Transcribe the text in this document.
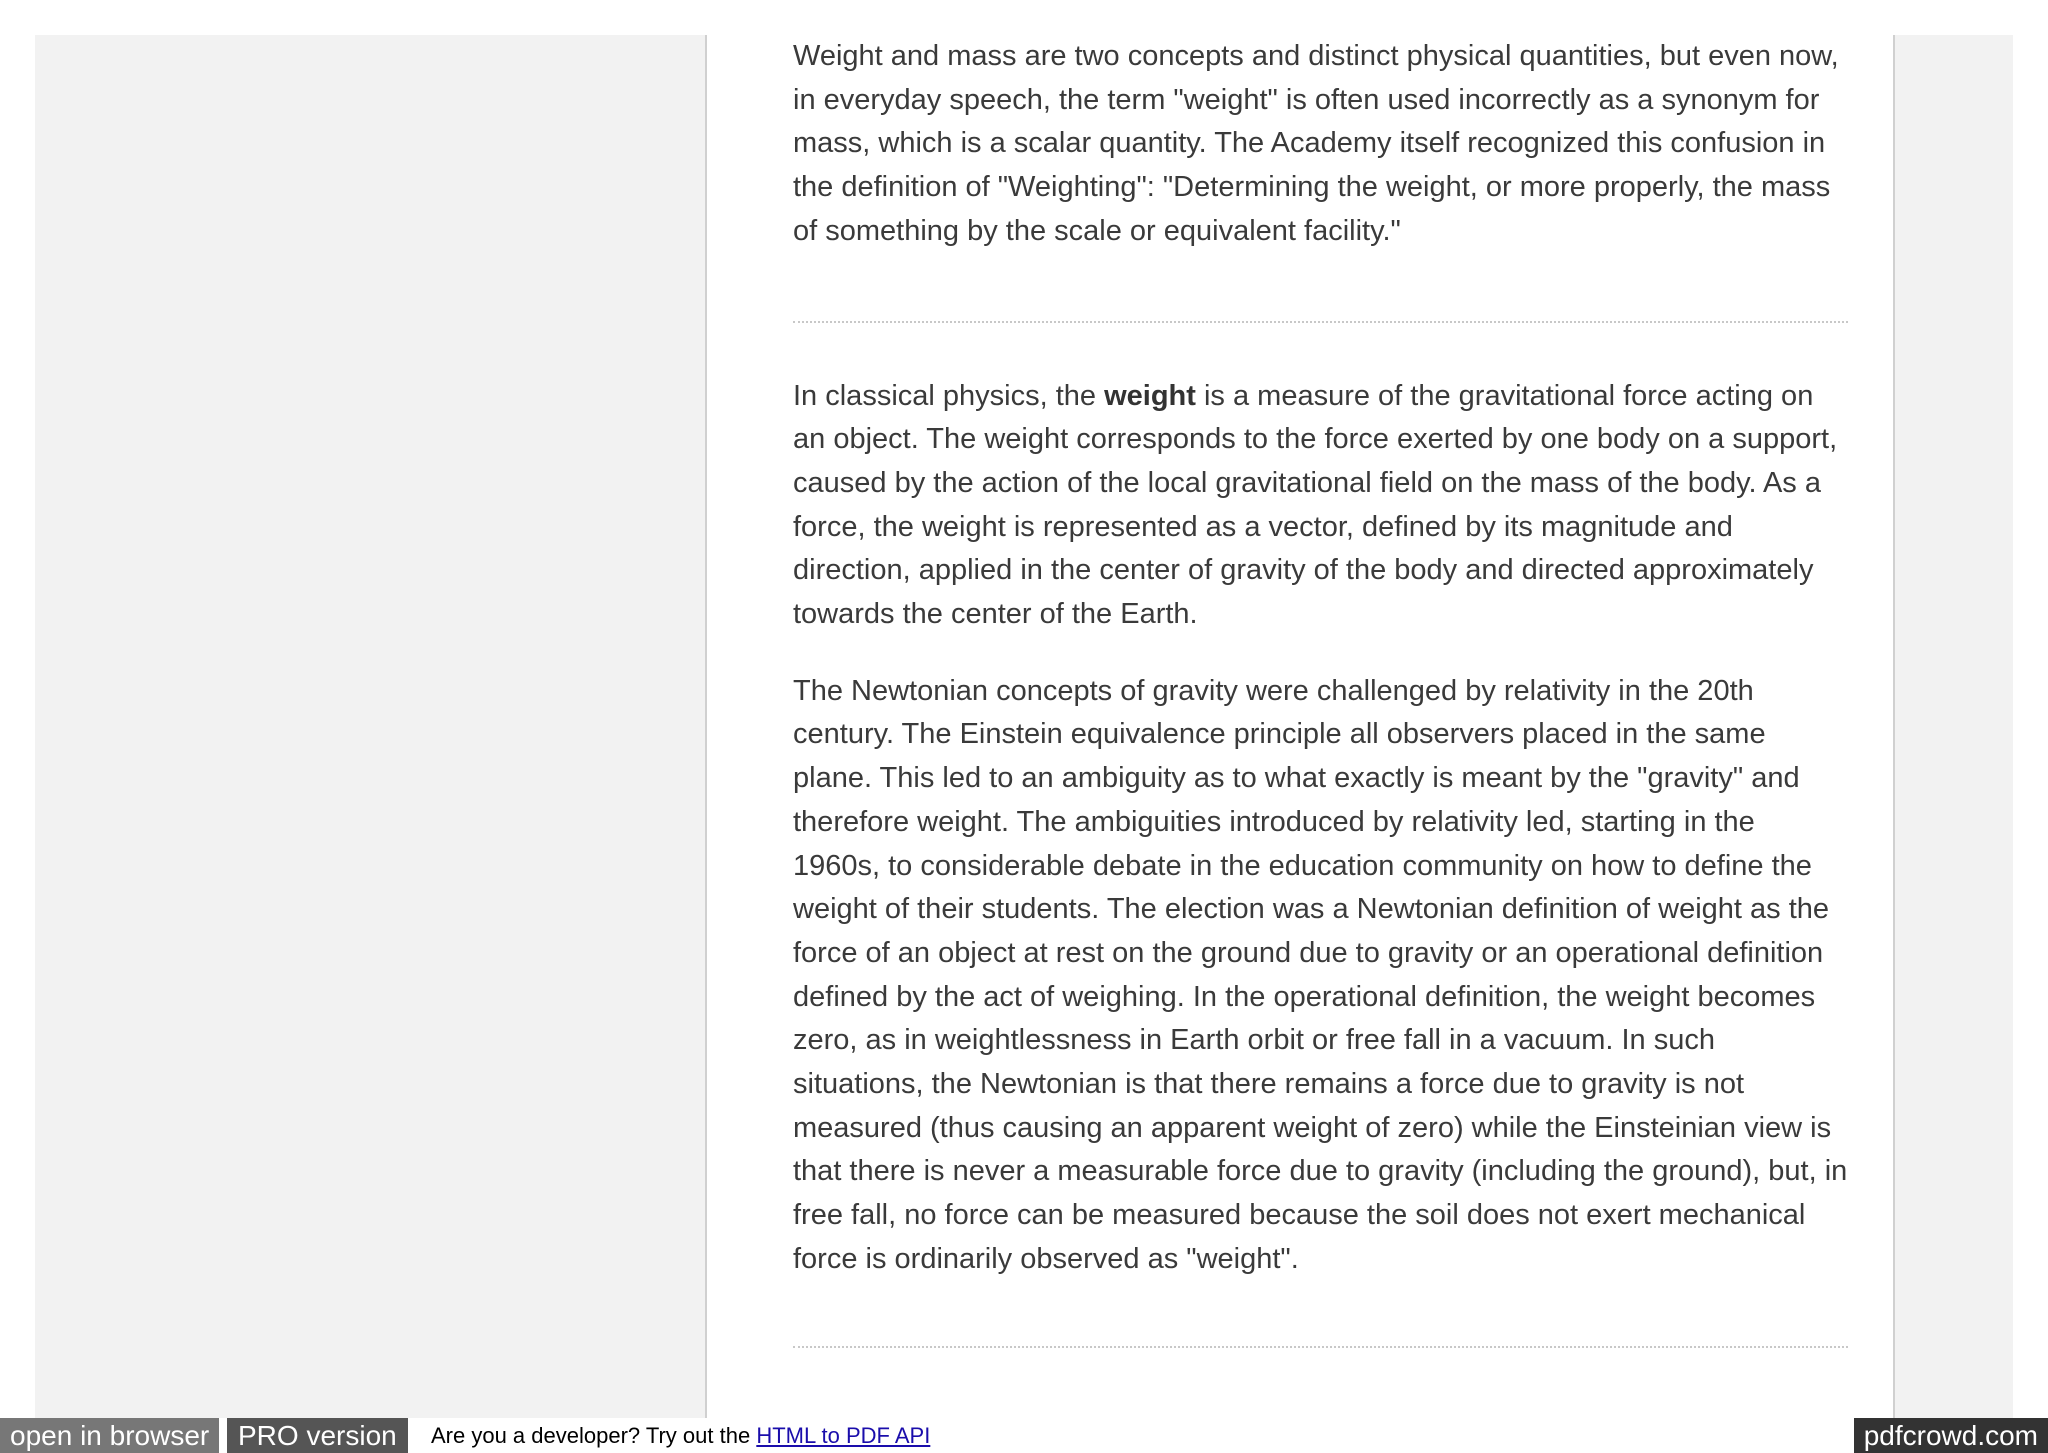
Weight and mass are two concepts and distinct physical quantities, but even now, in everyday speech, the term "weight" is often used incorrectly as a synonym for mass, which is a scalar quantity. The Academy itself recognized this confusion in the definition of "Weighting": "Determining the weight, or more properly, the mass of something by the scale or equivalent facility."

In classical physics, the weight is a measure of the gravitational force acting on an object. The weight corresponds to the force exerted by one body on a support, caused by the action of the local gravitational field on the mass of the body. As a force, the weight is represented as a vector, defined by its magnitude and direction, applied in the center of gravity of the body and directed approximately towards the center of the Earth.

The Newtonian concepts of gravity were challenged by relativity in the 20th century. The Einstein equivalence principle all observers placed in the same plane. This led to an ambiguity as to what exactly is meant by the "gravity" and therefore weight. The ambiguities introduced by relativity led, starting in the 1960s, to considerable debate in the education community on how to define the weight of their students. The election was a Newtonian definition of weight as the force of an object at rest on the ground due to gravity or an operational definition defined by the act of weighing. In the operational definition, the weight becomes zero, as in weightlessness in Earth orbit or free fall in a vacuum. In such situations, the Newtonian is that there remains a force due to gravity is not measured (thus causing an apparent weight of zero) while the Einsteinian view is that there is never a measurable force due to gravity (including the ground), but, in free fall, no force can be measured because the soil does not exert mechanical force is ordinarily observed as "weight".

open in browser	PRO version	Are you a developer? Try out the HTML to PDF API	pdfcrowd.com
